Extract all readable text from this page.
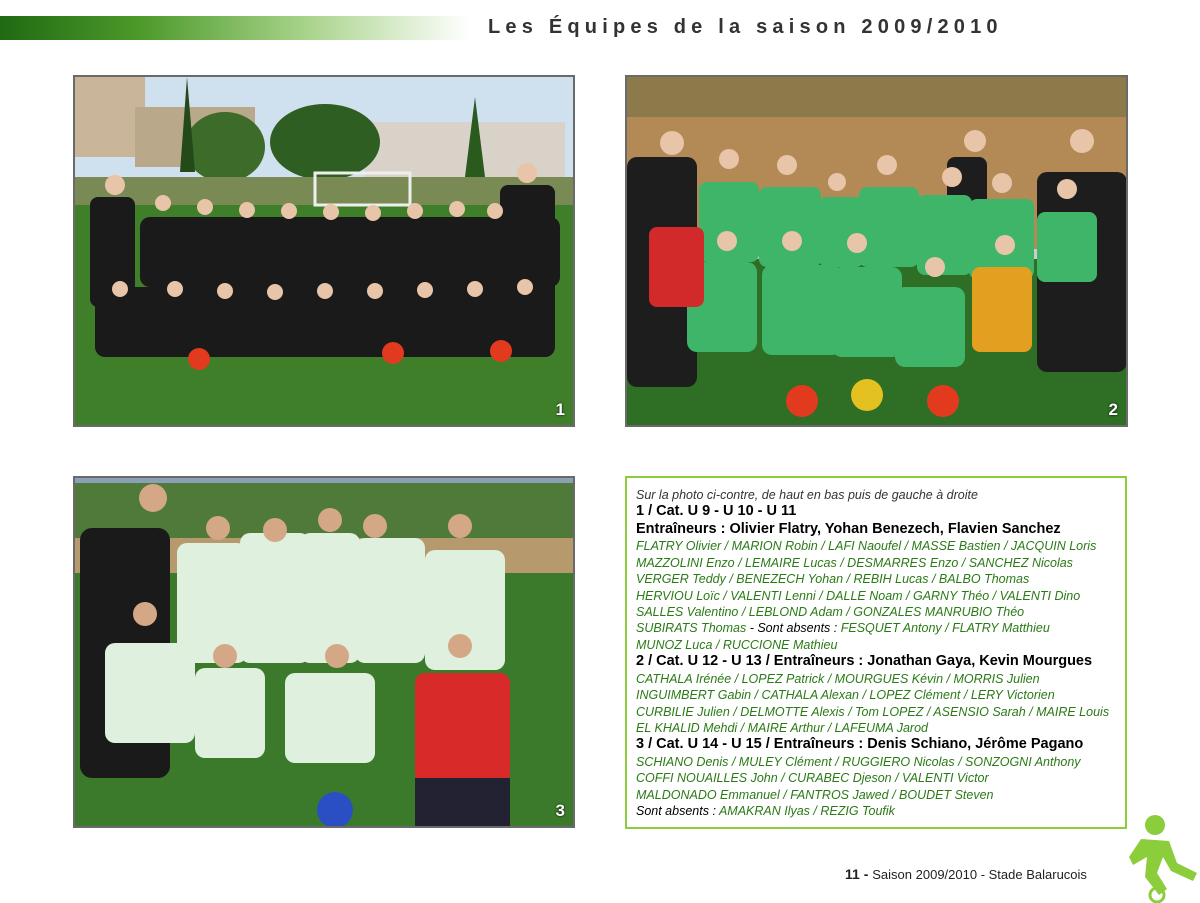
Les Équipes de la saison 2009/2010
1	2
3
Sur la photo ci-contre, de haut en bas puis de gauche à droite
1 / Cat. U 9 - U 10 - U 11
Entraîneurs : Olivier Flatry, Yohan Benezech, Flavien Sanchez
FLATRY Olivier / MARION Robin / LAFI Naoufel / MASSE Bastien / JACQUIN Loris
MAZZOLINI Enzo / LEMAIRE Lucas / DESMARRES Enzo / SANCHEZ Nicolas
VERGER Teddy / BENEZECH Yohan / REBIH Lucas / BALBO Thomas
HERVIOU Loïc / VALENTI Lenni / DALLE Noam / GARNY Théo / VALENTI Dino
SALLES Valentino / LEBLOND Adam / GONZALES MANRUBIO Théo
SUBIRATS Thomas - Sont absents : FESQUET Antony / FLATRY Matthieu
MUNOZ Luca / RUCCIONE Mathieu
2 / Cat. U 12 - U 13 / Entraîneurs : Jonathan Gaya, Kevin Mourgues
CATHALA Irénée / LOPEZ Patrick / MOURGUES Kévin / MORRIS Julien
INGUIMBERT Gabin / CATHALA Alexan / LOPEZ Clément / LERY Victorien
CURBILIE Julien / DELMOTTE Alexis / Tom LOPEZ / ASENSIO Sarah / MAIRE Louis
EL KHALID Mehdi / MAIRE Arthur / LAFEUMA Jarod
3 / Cat. U 14 - U 15 / Entraîneurs : Denis Schiano, Jérôme Pagano
SCHIANO Denis / MULEY Clément / RUGGIERO Nicolas / SONZOGNI Anthony
COFFI NOUAILLES John / CURABEC Djeson / VALENTI Victor
MALDONADO Emmanuel / FANTROS Jawed / BOUDET Steven
Sont absents : AMAKRAN Ilyas / REZIG Toufik
11 - Saison 2009/2010 - Stade Balarucois
